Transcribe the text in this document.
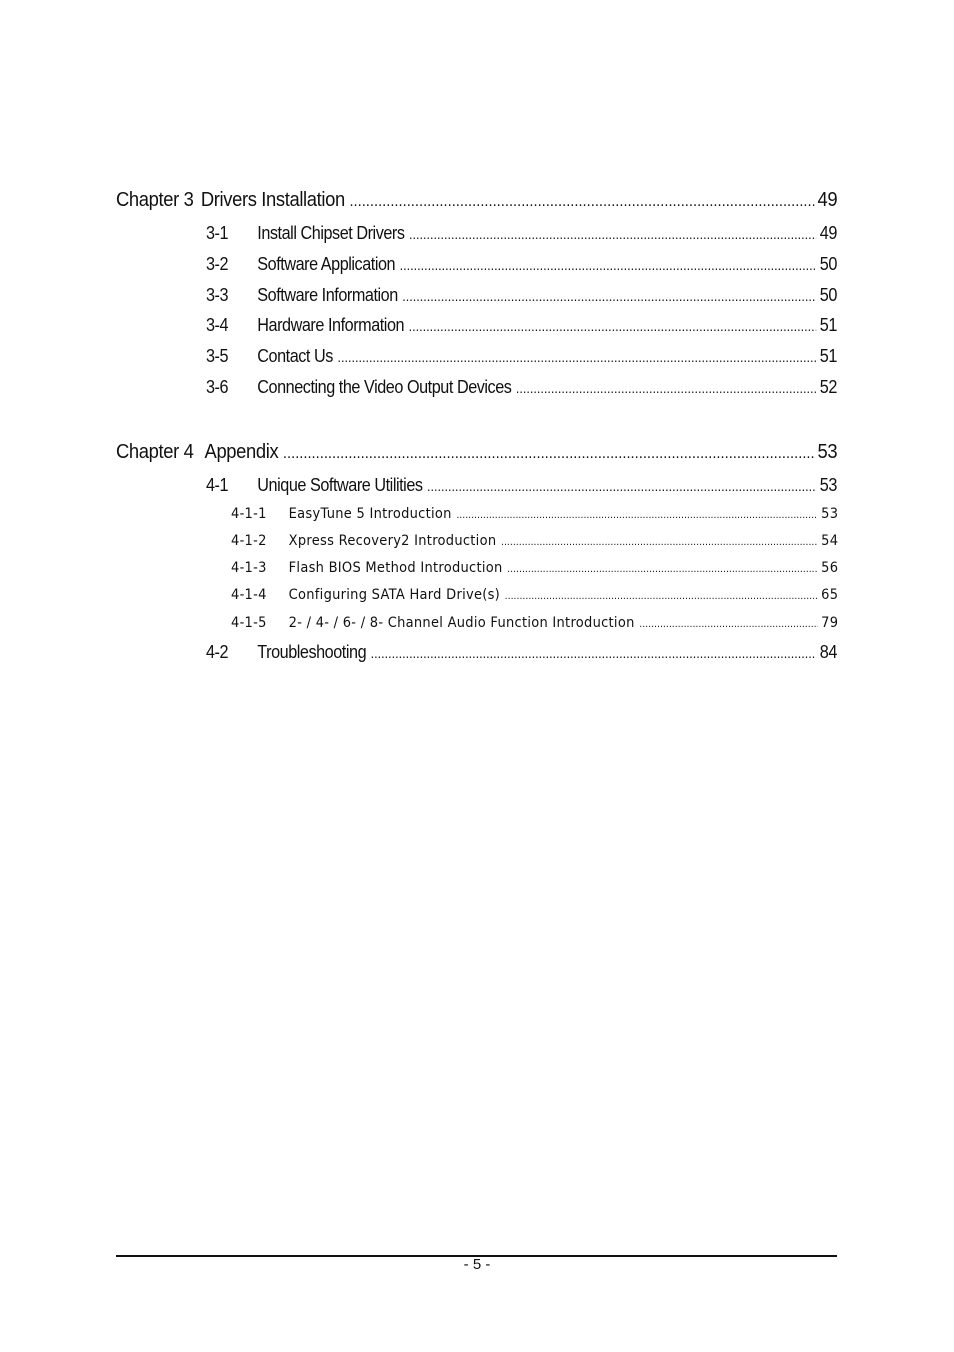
Chapter 3 Drivers Installation .....	49
3-1	Install Chipset Drivers .....	49
3-2	Software Application .....	50
3-3	Software Information .....	50
3-4	Hardware Information .....	51
3-5	Contact Us .....	51
3-6	Connecting the Video Output Devices .....	52
Chapter 4 Appendix .....	53
4-1	Unique Software Utilities .....	53
4-1-1	EasyTune 5 Introduction .....	53
4-1-2	Xpress Recovery2 Introduction .....	54
4-1-3	Flash BIOS Method Introduction .....	56
4-1-4	Configuring SATA Hard Drive(s) .....	65
4-1-5	2- / 4- / 6- / 8- Channel Audio Function Introduction .....	79
4-2	Troubleshooting .....	84
- 5 -
